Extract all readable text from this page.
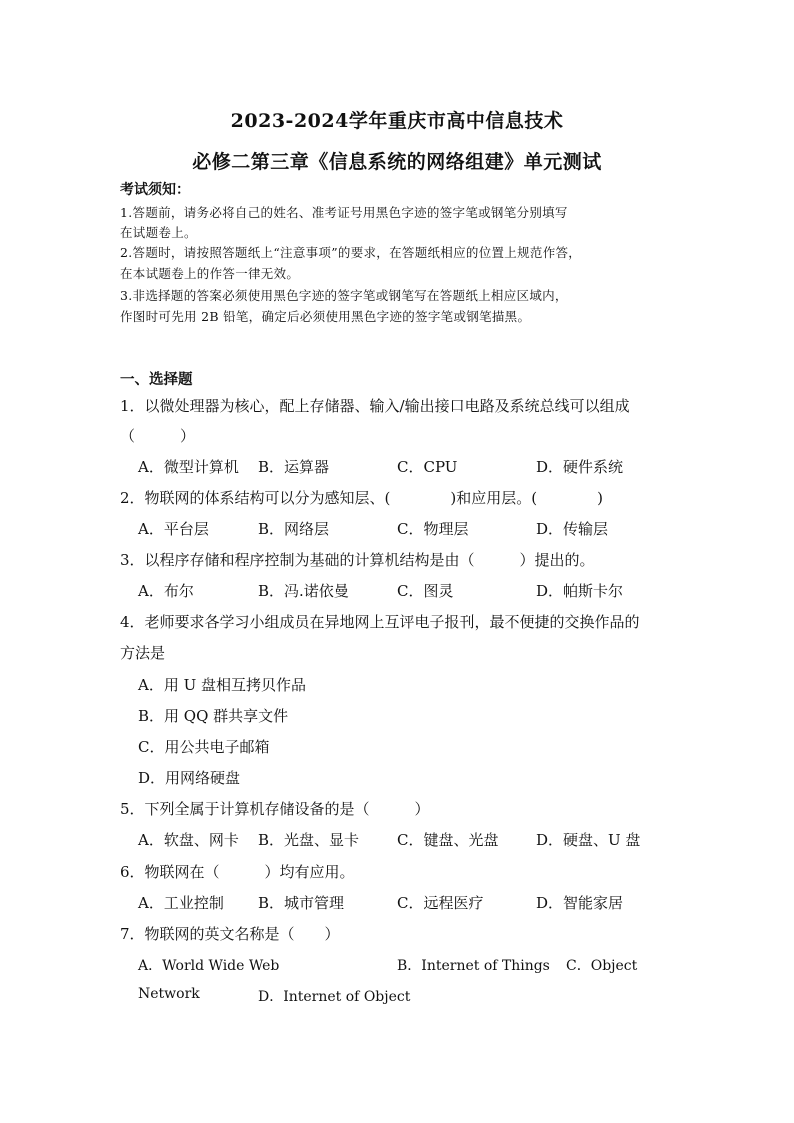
2023-2024学年重庆市高中信息技术
必修二第三章《信息系统的网络组建》单元测试
考试须知：
1.答题前，请务必将自己的姓名、准考证号用黑色字迹的签字笔或钢笔分别填写
在试题卷上。
2.答题时，请按照答题纸上“注意事项”的要求，在答题纸相应的位置上规范作答，
在本试题卷上的作答一律无效。
3.非选择题的答案必须使用黑色字迹的签字笔或钢笔写在答题纸上相应区域内，
作图时可先用 2B 铅笔，确定后必须使用黑色字迹的签字笔或钢笔描黑。
一、选择题
1．以微处理器为核心，配上存储器、输入/输出接口电路及系统总线可以组成
（　　　）
A．微型计算机 B．运算器	C．CPU	D．硬件系统
2．物联网的体系结构可以分为感知层、(　　　　)和应用层。(　　　　)
A．平台层	B．网络层	C．物理层	D．传输层
3．以程序存储和程序控制为基础的计算机结构是由（　　　）提出的。
A．布尔	B．冯.诺依曼	C．图灵	D．帕斯卡尔
4．老师要求各学习小组成员在异地网上互评电子报刊，最不便捷的交换作品的
方法是
A．用 U 盘相互拷贝作品
B．用 QQ 群共享文件
C．用公共电子邮箱
D．用网络硬盘
5．下列全属于计算机存储设备的是（　　　）
A．软盘、网卡 B．光盘、显卡	C．键盘、光盘	D．硬盘、U 盘
6．物联网在（　　　）均有应用。
A．工业控制 B．城市管理	C．远程医疗	D．智能家居
7．物联网的英文名称是（　　）
A．World Wide Web	B．Internet of Things C．Object
Network	D．Internet of Object
